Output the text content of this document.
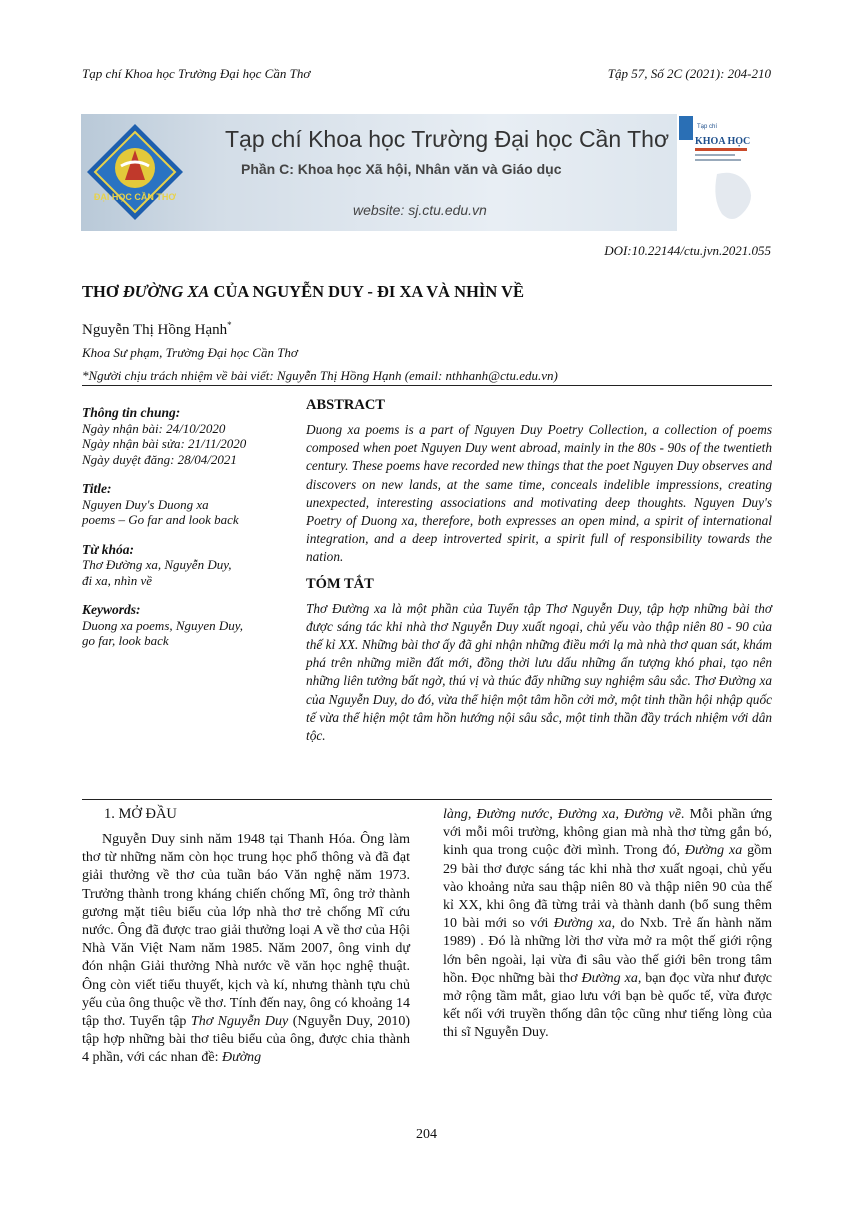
Tạp chí Khoa học Trường Đại học Cần Thơ	Tập 57, Số 2C (2021): 204-210
ĐẠI HỌC CẦN THƠ
Tạp chí Khoa học Trường Đại học Cần Thơ
Phần C: Khoa học Xã hội, Nhân văn và Giáo dục
website: sj.ctu.edu.vn
Tạp chí
KHOA HỌC
DOI:10.22144/ctu.jvn.2021.055
THƠ ĐƯỜNG XA CỦA NGUYỄN DUY - ĐI XA VÀ NHÌN VỀ
Nguyễn Thị Hồng Hạnh*
Khoa Sư phạm, Trường Đại học Cần Thơ
*Người chịu trách nhiệm về bài viết: Nguyễn Thị Hồng Hạnh (email: nthhanh@ctu.edu.vn)
Thông tin chung:
Ngày nhận bài: 24/10/2020
Ngày nhận bài sửa: 21/11/2020
Ngày duyệt đăng: 28/04/2021
Title:
Nguyen Duy's Duong xa
poems – Go far and look back
Từ khóa:
Thơ Đường xa, Nguyễn Duy,
đi xa, nhìn về
Keywords:
Duong xa poems, Nguyen Duy,
go far, look back
ABSTRACT
Duong xa poems is a part of Nguyen Duy Poetry Collection, a collection of poems composed when poet Nguyen Duy went abroad, mainly in the 80s - 90s of the twentieth century. These poems have recorded new things that the poet Nguyen Duy observes and discovers on new lands, at the same time, conceals indelible impressions, creating unexpected, interesting associations and motivating deep thoughts. Nguyen Duy's Poetry of Duong xa, therefore, both expresses an open mind, a spirit of international integration, and a deep introverted spirit, a spirit full of responsibility towards the nation.
TÓM TẮT
Thơ Đường xa là một phần của Tuyển tập Thơ Nguyễn Duy, tập hợp những bài thơ được sáng tác khi nhà thơ Nguyễn Duy xuất ngoại, chủ yếu vào thập niên 80 - 90 của thế kỉ XX. Những bài thơ ấy đã ghi nhận những điều mới lạ mà nhà thơ quan sát, khám phá trên những miền đất mới, đồng thời lưu dấu những ấn tượng khó phai, tạo nên những liên tưởng bất ngờ, thú vị và thúc đẩy những suy nghiệm sâu sắc. Thơ Đường xa của Nguyễn Duy, do đó, vừa thể hiện một tâm hồn cởi mở, một tinh thần hội nhập quốc tế vừa thể hiện một tâm hồn hướng nội sâu sắc, một tinh thần đầy trách nhiệm với dân tộc.
1. MỞ ĐẦU

Nguyễn Duy sinh năm 1948 tại Thanh Hóa. Ông làm thơ từ những năm còn học trung học phổ thông và đã đạt giải thưởng về thơ của tuần báo Văn nghệ năm 1973. Trưởng thành trong kháng chiến chống Mĩ, ông trở thành gương mặt tiêu biểu của lớp nhà thơ trẻ chống Mĩ cứu nước. Ông đã được trao giải thưởng loại A về thơ của Hội Nhà Văn Việt Nam năm 1985. Năm 2007, ông vinh dự đón nhận Giải thưởng Nhà nước về văn học nghệ thuật. Ông còn viết tiểu thuyết, kịch và kí, nhưng thành tựu chủ yếu của ông thuộc về thơ. Tính đến nay, ông có khoảng 14 tập thơ. Tuyển tập Thơ Nguyễn Duy (Nguyễn Duy, 2010) tập hợp những bài thơ tiêu biểu của ông, được chia thành 4 phần, với các nhan đề: Đường

làng, Đường nước, Đường xa, Đường về. Mỗi phần ứng với mỗi môi trường, không gian mà nhà thơ từng gắn bó, kinh qua trong cuộc đời mình. Trong đó, Đường xa gồm 29 bài thơ được sáng tác khi nhà thơ xuất ngoại, chủ yếu vào khoảng nửa sau thập niên 80 và thập niên 90 của thế kỉ XX, khi ông đã từng trải và thành danh (bổ sung thêm 10 bài mới so với Đường xa, do Nxb. Trẻ ấn hành năm 1989) . Đó là những lời thơ vừa mở ra một thế giới rộng lớn bên ngoài, lại vừa đi sâu vào thế giới bên trong tâm hồn. Đọc những bài thơ Đường xa, bạn đọc vừa như được mở rộng tầm mắt, giao lưu với bạn bè quốc tế, vừa được kết nối với truyền thống dân tộc cũng như tiếng lòng của thi sĩ Nguyễn Duy.

204
